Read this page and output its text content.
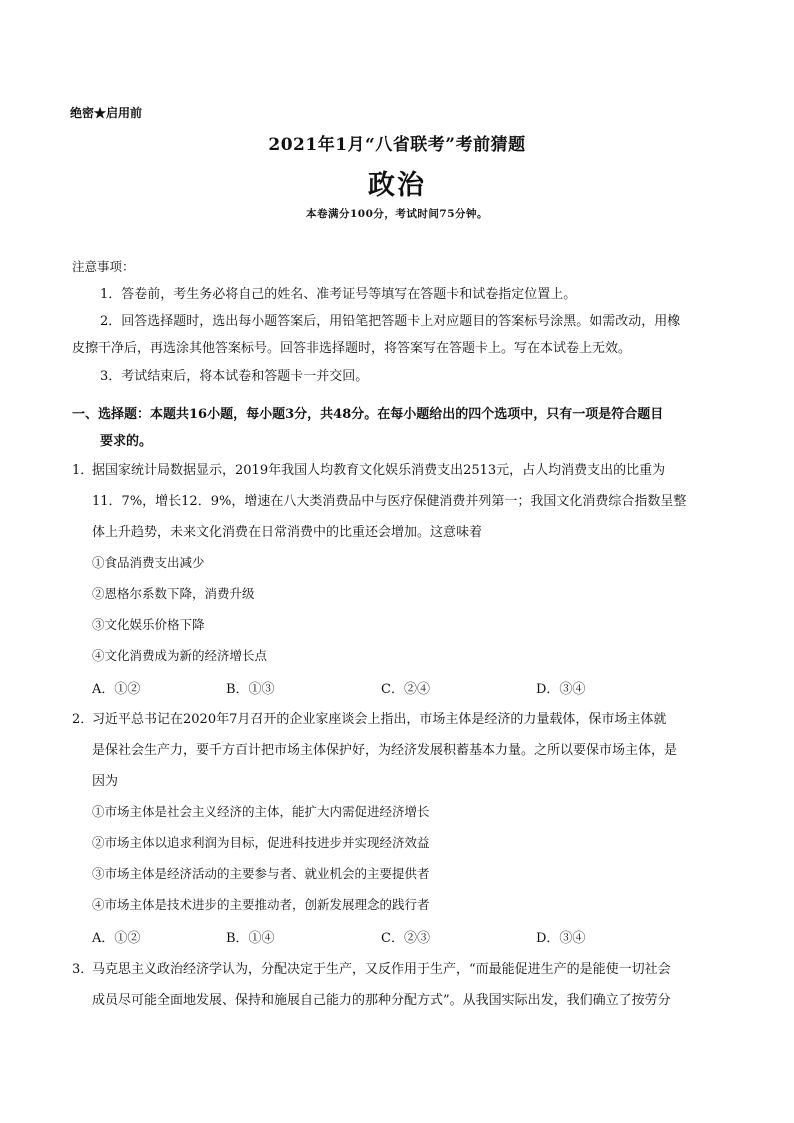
绝密★启用前
2021年1月“八省联考”考前猜题
政治
本卷满分100分，考试时间75分钟。
注意事项：
1．答卷前，考生务必将自己的姓名、准考证号等填写在答题卡和试卷指定位置上。
2．回答选择题时，选出每小题答案后，用铅笔把答题卡上对应题目的答案标号涂黑。如需改动，用橡
皮擦干净后，再选涂其他答案标号。回答非选择题时，将答案写在答题卡上。写在本试卷上无效。
3．考试结束后，将本试卷和答题卡一并交回。
一、选择题：本题共16小题，每小题3分，共48分。在每小题给出的四个选项中，只有一项是符合题目
要求的。
1．
据国家统计局数据显示，2019年我国人均教育文化娱乐消费支出2513元，占人均消费支出的比重为
11．7%，增长12．9%，增速在八大类消费品中与医疗保健消费并列第一；我国文化消费综合指数呈整
体上升趋势，未来文化消费在日常消费中的比重还会增加。这意味着
①食品消费支出减少
②恩格尔系数下降，消费升级
③文化娱乐价格下降
④文化消费成为新的经济增长点
A．①②	B．①③	C．②④	D．③④
2．
习近平总书记在2020年7月召开的企业家座谈会上指出，市场主体是经济的力量载体，保市场主体就
是保社会生产力，要千方百计把市场主体保护好，为经济发展积蓄基本力量。之所以要保市场主体，是
因为
①市场主体是社会主义经济的主体，能扩大内需促进经济增长
②市场主体以追求利润为目标，促进科技进步并实现经济效益
③市场主体是经济活动的主要参与者、就业机会的主要提供者
④市场主体是技术进步的主要推动者，创新发展理念的践行者
A．①②	B．①④	C．②③	D．③④
3．
马克思主义政治经济学认为，分配决定于生产，又反作用于生产，“而最能促进生产的是能使一切社会
成员尽可能全面地发展、保持和施展自己能力的那种分配方式”。从我国实际出发，我们确立了按劳分
